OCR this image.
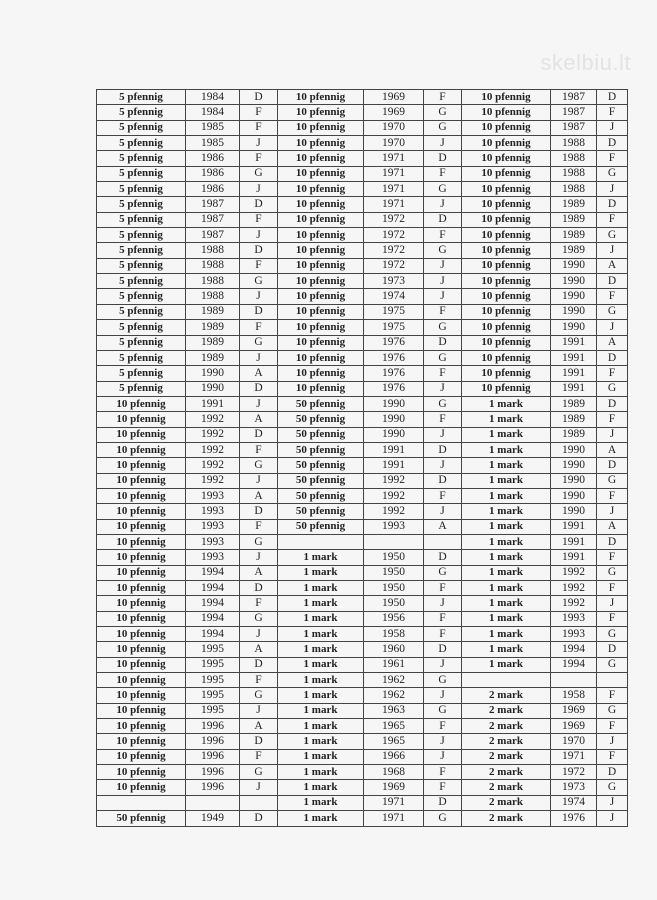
skelbiu.lt
5 pfennig	1984	D	10 pfennig	1969	F	10 pfennig	1987	D
5 pfennig	1984	F	10 pfennig	1969	G	10 pfennig	1987	F
5 pfennig	1985	F	10 pfennig	1970	G	10 pfennig	1987	J
5 pfennig	1985	J	10 pfennig	1970	J	10 pfennig	1988	D
5 pfennig	1986	F	10 pfennig	1971	D	10 pfennig	1988	F
5 pfennig	1986	G	10 pfennig	1971	F	10 pfennig	1988	G
5 pfennig	1986	J	10 pfennig	1971	G	10 pfennig	1988	J
5 pfennig	1987	D	10 pfennig	1971	J	10 pfennig	1989	D
5 pfennig	1987	F	10 pfennig	1972	D	10 pfennig	1989	F
5 pfennig	1987	J	10 pfennig	1972	F	10 pfennig	1989	G
5 pfennig	1988	D	10 pfennig	1972	G	10 pfennig	1989	J
5 pfennig	1988	F	10 pfennig	1972	J	10 pfennig	1990	A
5 pfennig	1988	G	10 pfennig	1973	J	10 pfennig	1990	D
5 pfennig	1988	J	10 pfennig	1974	J	10 pfennig	1990	F
5 pfennig	1989	D	10 pfennig	1975	F	10 pfennig	1990	G
5 pfennig	1989	F	10 pfennig	1975	G	10 pfennig	1990	J
5 pfennig	1989	G	10 pfennig	1976	D	10 pfennig	1991	A
5 pfennig	1989	J	10 pfennig	1976	G	10 pfennig	1991	D
5 pfennig	1990	A	10 pfennig	1976	F	10 pfennig	1991	F
5 pfennig	1990	D	10 pfennig	1976	J	10 pfennig	1991	G
10 pfennig	1991	J	50 pfennig	1990	G	1 mark	1989	D
10 pfennig	1992	A	50 pfennig	1990	F	1 mark	1989	F
10 pfennig	1992	D	50 pfennig	1990	J	1 mark	1989	J
10 pfennig	1992	F	50 pfennig	1991	D	1 mark	1990	A
10 pfennig	1992	G	50 pfennig	1991	J	1 mark	1990	D
10 pfennig	1992	J	50 pfennig	1992	D	1 mark	1990	G
10 pfennig	1993	A	50 pfennig	1992	F	1 mark	1990	F
10 pfennig	1993	D	50 pfennig	1992	J	1 mark	1990	J
10 pfennig	1993	F	50 pfennig	1993	A	1 mark	1991	A
10 pfennig	1993	G				1 mark	1991	D
10 pfennig	1993	J	1 mark	1950	D	1 mark	1991	F
10 pfennig	1994	A	1 mark	1950	G	1 mark	1992	G
10 pfennig	1994	D	1 mark	1950	F	1 mark	1992	F
10 pfennig	1994	F	1 mark	1950	J	1 mark	1992	J
10 pfennig	1994	G	1 mark	1956	F	1 mark	1993	F
10 pfennig	1994	J	1 mark	1958	F	1 mark	1993	G
10 pfennig	1995	A	1 mark	1960	D	1 mark	1994	D
10 pfennig	1995	D	1 mark	1961	J	1 mark	1994	G
10 pfennig	1995	F	1 mark	1962	G			
10 pfennig	1995	G	1 mark	1962	J	2 mark	1958	F
10 pfennig	1995	J	1 mark	1963	G	2 mark	1969	G
10 pfennig	1996	A	1 mark	1965	F	2 mark	1969	F
10 pfennig	1996	D	1 mark	1965	J	2 mark	1970	J
10 pfennig	1996	F	1 mark	1966	J	2 mark	1971	F
10 pfennig	1996	G	1 mark	1968	F	2 mark	1972	D
10 pfennig	1996	J	1 mark	1969	F	2 mark	1973	G
			1 mark	1971	D	2 mark	1974	J
50 pfennig	1949	D	1 mark	1971	G	2 mark	1976	J
